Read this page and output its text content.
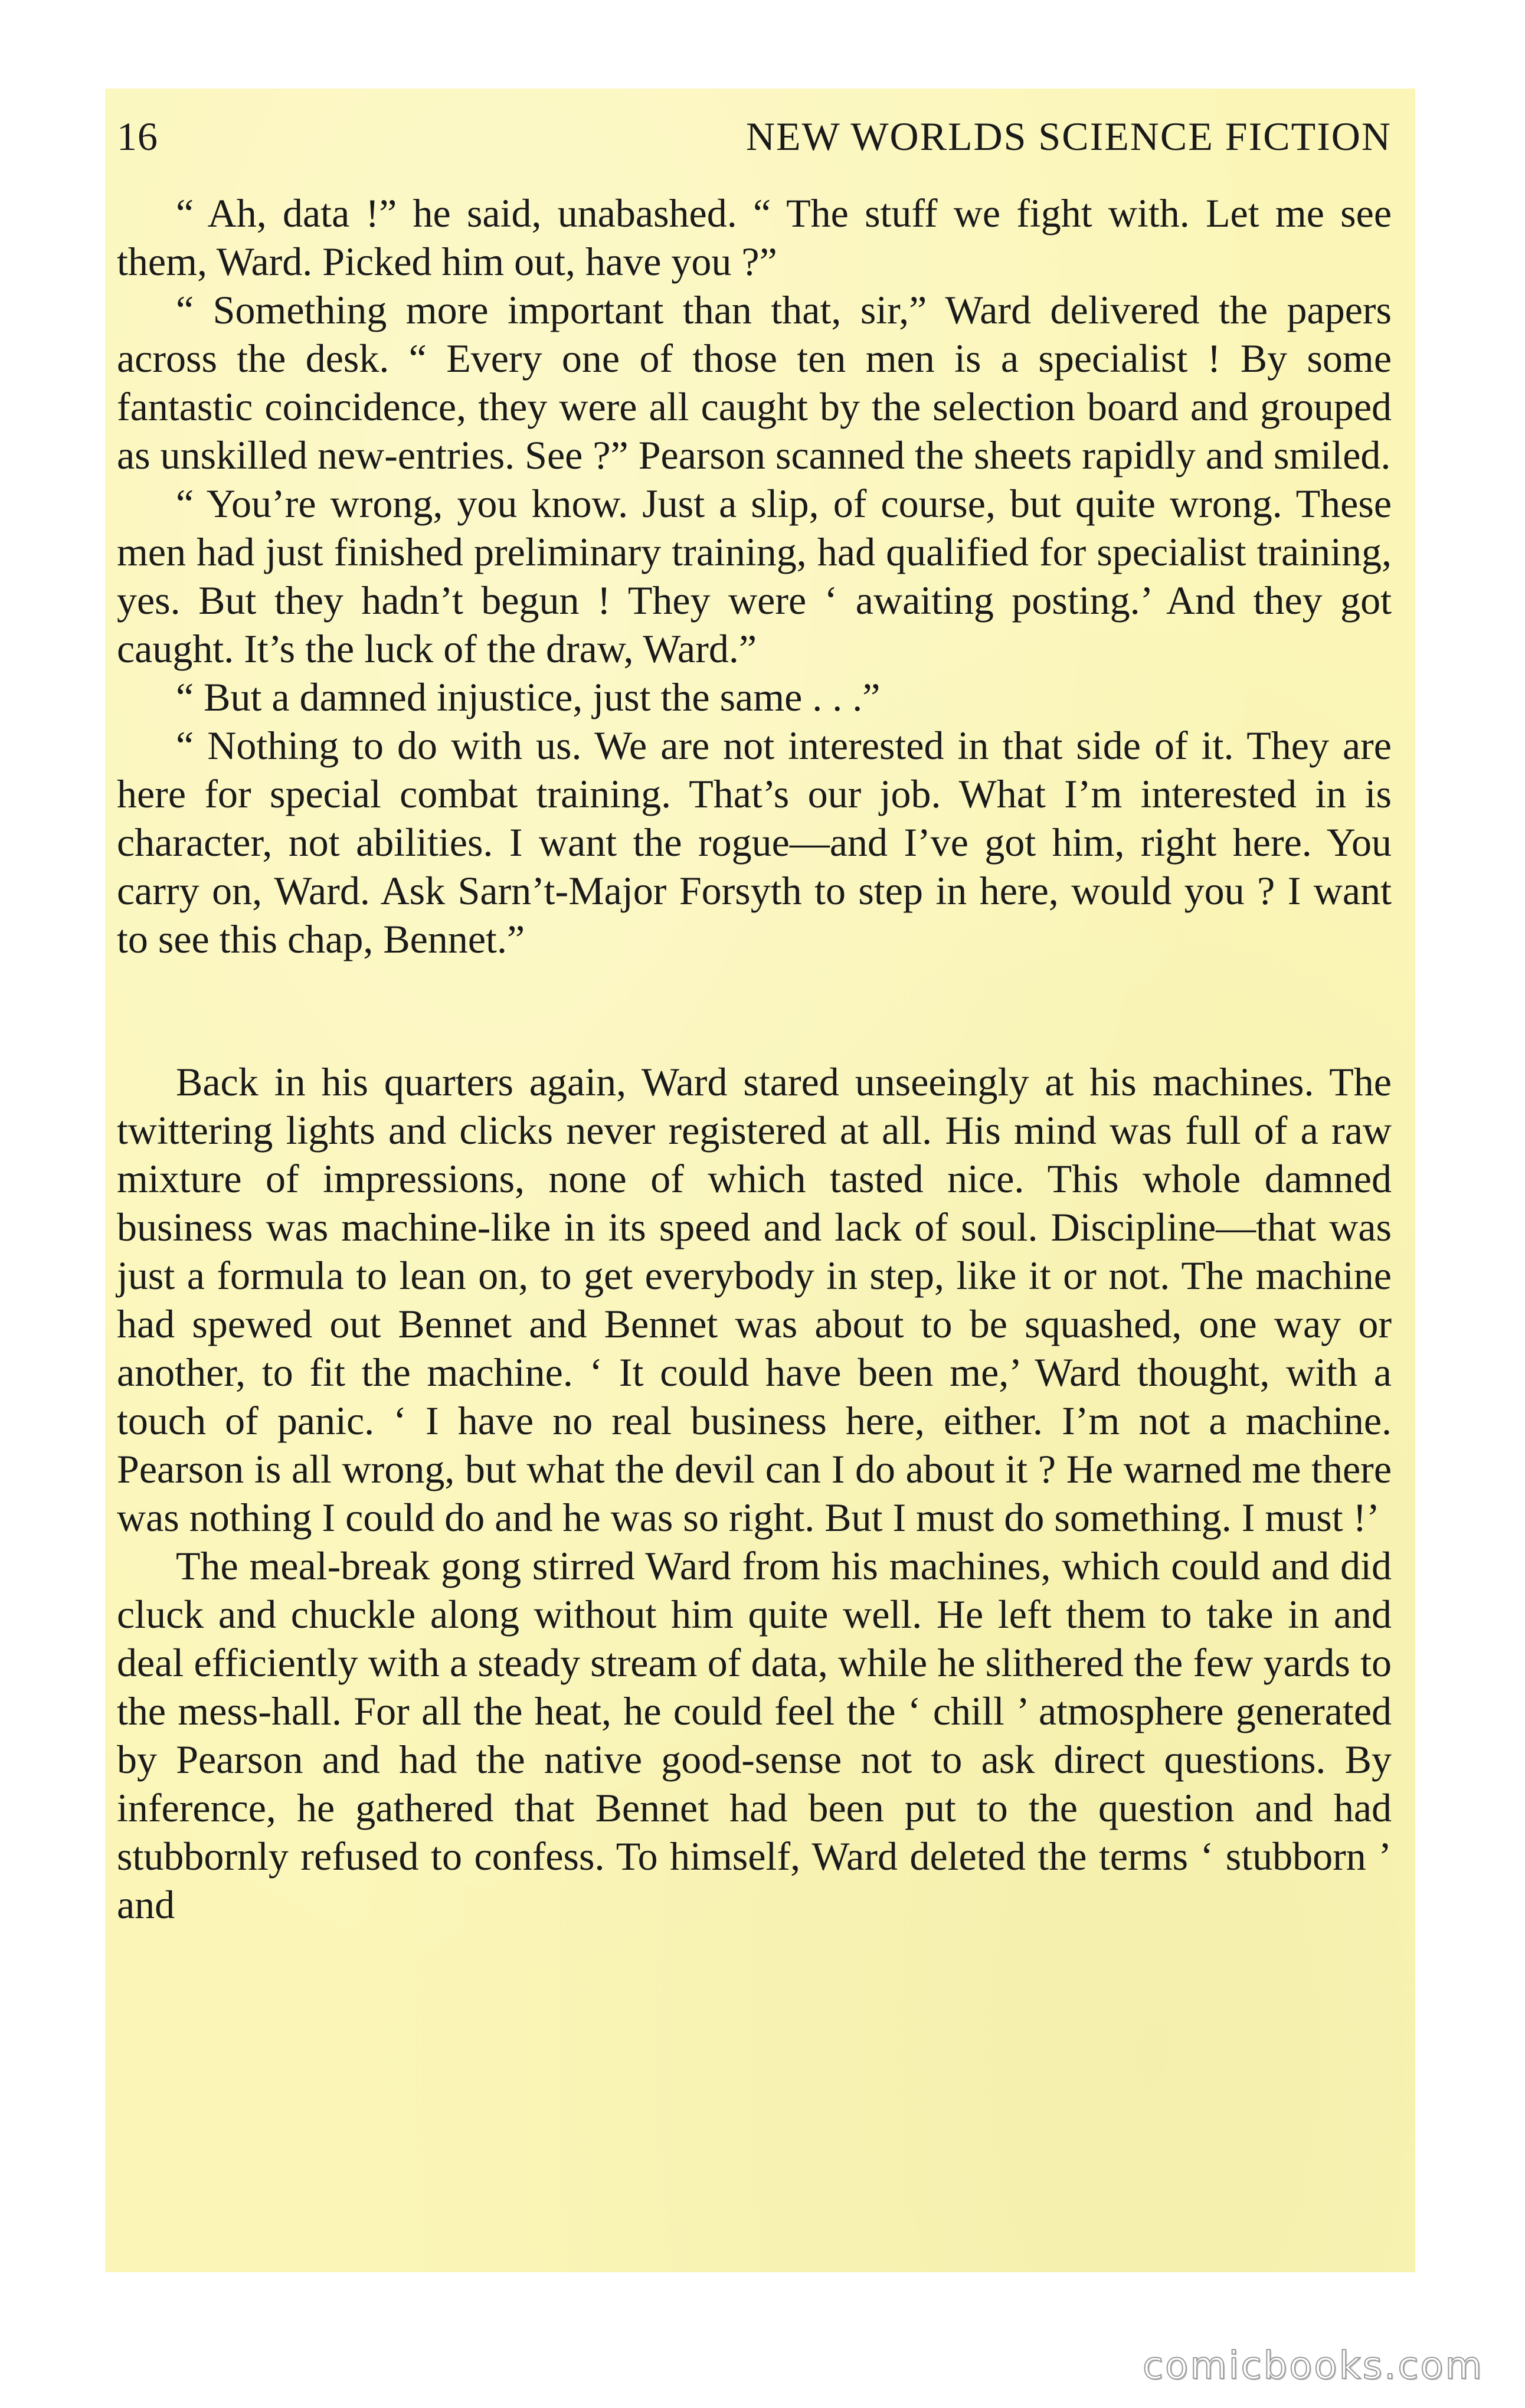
16	NEW WORLDS SCIENCE FICTION

“ Ah, data !” he said, unabashed. “ The stuff we fight with. Let me see them, Ward. Picked him out, have you ?”

“ Something more important than that, sir,” Ward delivered the papers across the desk. “ Every one of those ten men is a specialist ! By some fantastic coincidence, they were all caught by the selection board and grouped as unskilled new-entries. See ?” Pearson scanned the sheets rapidly and smiled.

“ You’re wrong, you know. Just a slip, of course, but quite wrong. These men had just finished preliminary training, had qualified for specialist training, yes. But they hadn’t begun ! They were ‘ awaiting posting.’ And they got caught. It’s the luck of the draw, Ward.”

“ But a damned injustice, just the same . . .”

“ Nothing to do with us. We are not interested in that side of it. They are here for special combat training. That’s our job. What I’m interested in is character, not abilities. I want the rogue—and I’ve got him, right here. You carry on, Ward. Ask Sarn’t-Major Forsyth to step in here, would you ? I want to see this chap, Bennet.”

Back in his quarters again, Ward stared unseeingly at his machines. The twittering lights and clicks never registered at all. His mind was full of a raw mixture of impressions, none of which tasted nice. This whole damned business was machine-like in its speed and lack of soul. Discipline—that was just a formula to lean on, to get everybody in step, like it or not. The machine had spewed out Bennet and Bennet was about to be squashed, one way or another, to fit the machine. ‘ It could have been me,’ Ward thought, with a touch of panic. ‘ I have no real business here, either. I’m not a machine. Pearson is all wrong, but what the devil can I do about it ? He warned me there was nothing I could do and he was so right. But I must do something. I must !’

The meal-break gong stirred Ward from his machines, which could and did cluck and chuckle along without him quite well. He left them to take in and deal efficiently with a steady stream of data, while he slithered the few yards to the mess-hall. For all the heat, he could feel the ‘ chill ’ atmosphere generated by Pearson and had the native good-sense not to ask direct questions. By inference, he gathered that Bennet had been put to the question and had stubbornly refused to confess. To himself, Ward deleted the terms ‘ stubborn ’ and

comicbooks.com
